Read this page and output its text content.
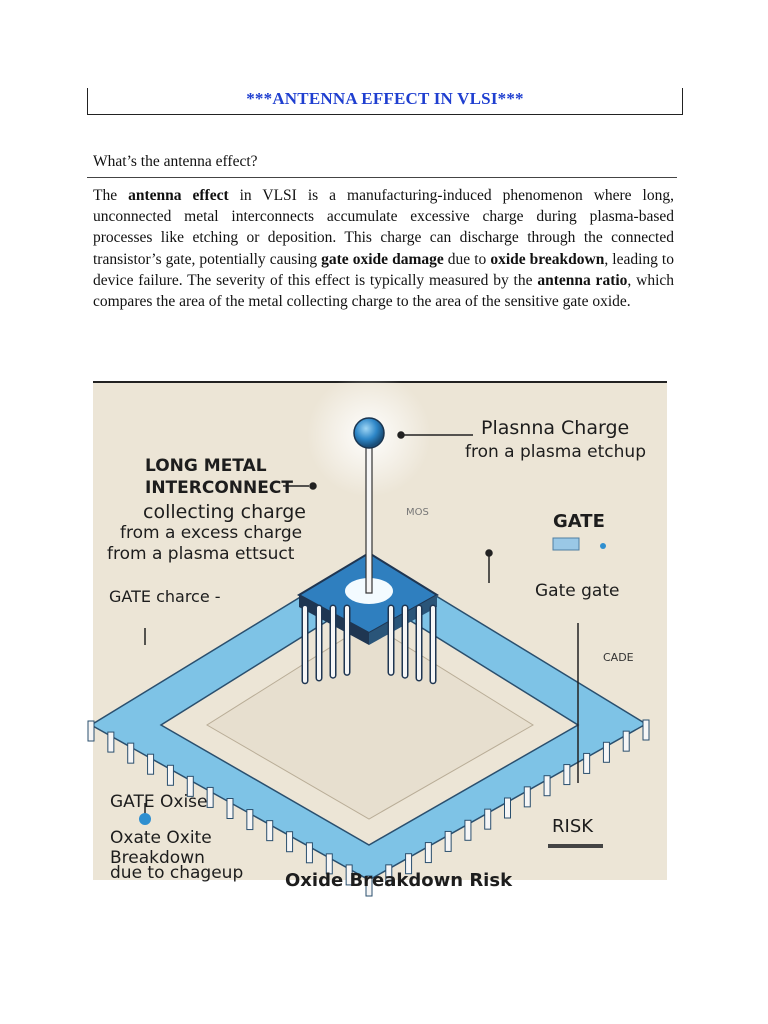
***ANTENNA EFFECT IN VLSI***
What’s the antenna effect?
The antenna effect in VLSI is a manufacturing-induced phenomenon where long, unconnected metal interconnects accumulate excessive charge during plasma-based processes like etching or deposition. This charge can discharge through the connected transistor’s gate, potentially causing gate oxide damage due to oxide breakdown, leading to device failure. The severity of this effect is typically measured by the antenna ratio, which compares the area of the metal collecting charge to the area of the sensitive gate oxide.
Plasnna Charge
fron a plasma etchup
LONG METAL
INTERCONNECT
collecting charge
from a excess charge
from a plasma ettsuct
MOS	GATE
Gate gate
GATE charce -
CADE
GATE Oxise
Oxate Oxite
Breakdown
due to chageup
RISK
Oxide Breakdown Risk
